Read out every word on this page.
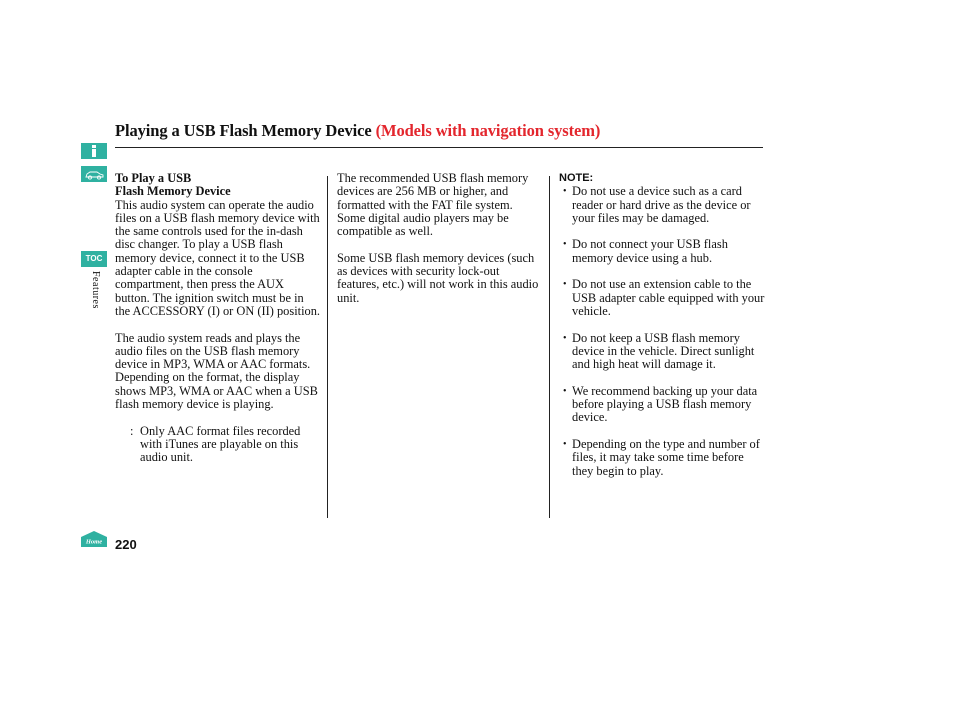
Playing a USB Flash Memory Device (Models with navigation system)
TOC
Features
Home 220

To Play a USB

Flash Memory Device

This audio system can operate the audio files on a USB flash memory device with the same controls used for the in-dash disc changer. To play a USB flash memory device, connect it to the USB adapter cable in the console compartment, then press the AUX button. The ignition switch must be in the ACCESSORY (I) or ON (II) position.

The audio system reads and plays the audio files on the USB flash memory device in MP3, WMA or AAC formats. Depending on the format, the display shows MP3, WMA or AAC when a USB flash memory device is playing.

: Only AAC format files recorded with iTunes are playable on this audio unit.

The recommended USB flash memory devices are 256 MB or higher, and formatted with the FAT file system. Some digital audio players may be compatible as well.

Some USB flash memory devices (such as devices with security lock-out features, etc.) will not work in this audio unit.

NOTE:

• Do not use a device such as a card reader or hard drive as the device or your files may be damaged.
• Do not connect your USB flash memory device using a hub.
• Do not use an extension cable to the USB adapter cable equipped with your vehicle.
• Do not keep a USB flash memory device in the vehicle. Direct sunlight and high heat will damage it.
• We recommend backing up your data before playing a USB flash memory device.
• Depending on the type and number of files, it may take some time before they begin to play.
